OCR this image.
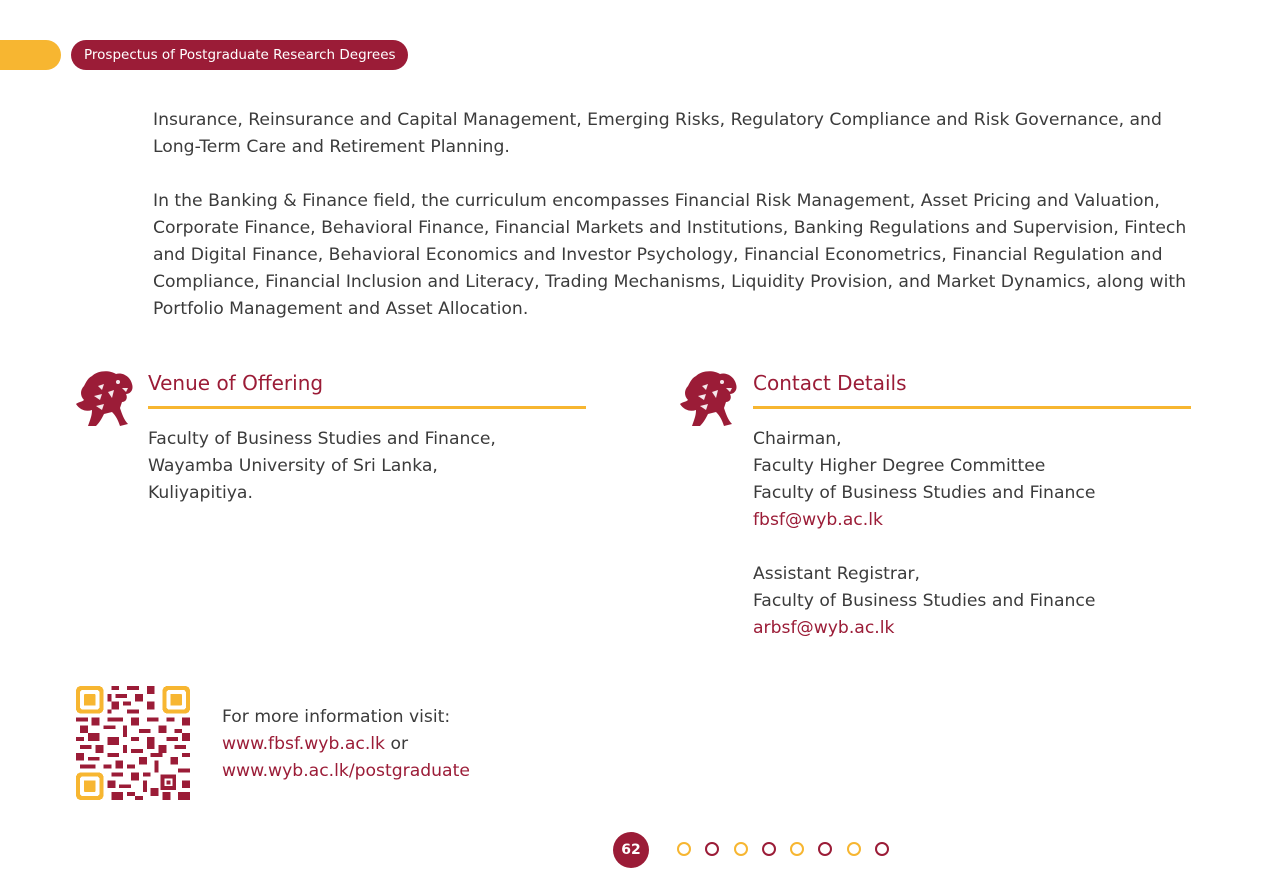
Prospectus of Postgraduate Research Degrees

Insurance, Reinsurance and Capital Management, Emerging Risks, Regulatory Compliance and Risk Governance, and Long-Term Care and Retirement Planning.

In the Banking & Finance field, the curriculum encompasses Financial Risk Management, Asset Pricing and Valuation, Corporate Finance, Behavioral Finance, Financial Markets and Institutions, Banking Regulations and Supervision, Fintech and Digital Finance, Behavioral Economics and Investor Psychology, Financial Econometrics, Financial Regulation and Compliance, Financial Inclusion and Literacy, Trading Mechanisms, Liquidity Provision, and Market Dynamics, along with Portfolio Management and Asset Allocation.

Venue of Offering
Faculty of Business Studies and Finance,
Wayamba University of Sri Lanka,
Kuliyapitiya.
Contact Details
Chairman,
Faculty Higher Degree Committee
Faculty of Business Studies and Finance
fbsf@wyb.ac.lk
Assistant Registrar,
Faculty of Business Studies and Finance
arbsf@wyb.ac.lk
For more information visit:
www.fbsf.wyb.ac.lk or
www.wyb.ac.lk/postgraduate
62
